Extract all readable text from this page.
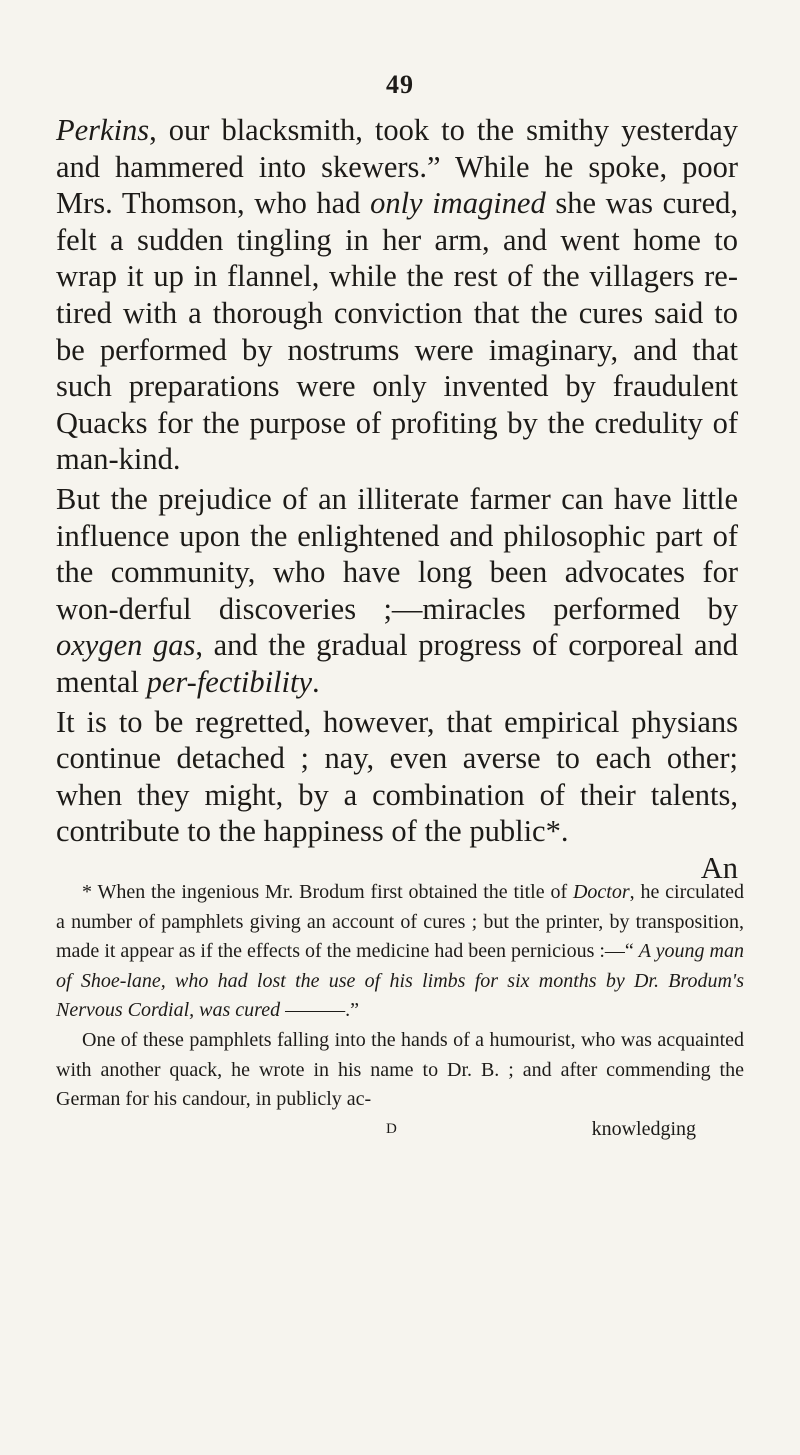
49

Perkins, our blacksmith, took to the smithy yesterday and hammered into skewers.” While he spoke, poor Mrs. Thomson, who had only imagined she was cured, felt a sudden tingling in her arm, and went home to wrap it up in flannel, while the rest of the villagers re-tired with a thorough conviction that the cures said to be performed by nostrums were imaginary, and that such preparations were only invented by fraudulent Quacks for the purpose of profiting by the credulity of man-kind.

But the prejudice of an illiterate farmer can have little influence upon the enlightened and philosophic part of the community, who have long been advocates for won-derful discoveries ;—miracles performed by oxygen gas, and the gradual progress of corporeal and mental per-fectibility.

It is to be regretted, however, that empirical physians continue detached ; nay, even averse to each other; when they might, by a combination of their talents, contribute to the happiness of the public*.

An

* When the ingenious Mr. Brodum first obtained the title of Doctor, he circulated a number of pamphlets giving an account of cures ; but the printer, by transposition, made it appear as if the effects of the medicine had been pernicious :—“ A young man of Shoe-lane, who had lost the use of his limbs for six months by Dr. Brodum's Nervous Cordial, was cured ———.”

One of these pamphlets falling into the hands of a humourist, who was acquainted with another quack, he wrote in his name to Dr. B. ; and after commending the German for his candour, in publicly ac-

D	knowledging
